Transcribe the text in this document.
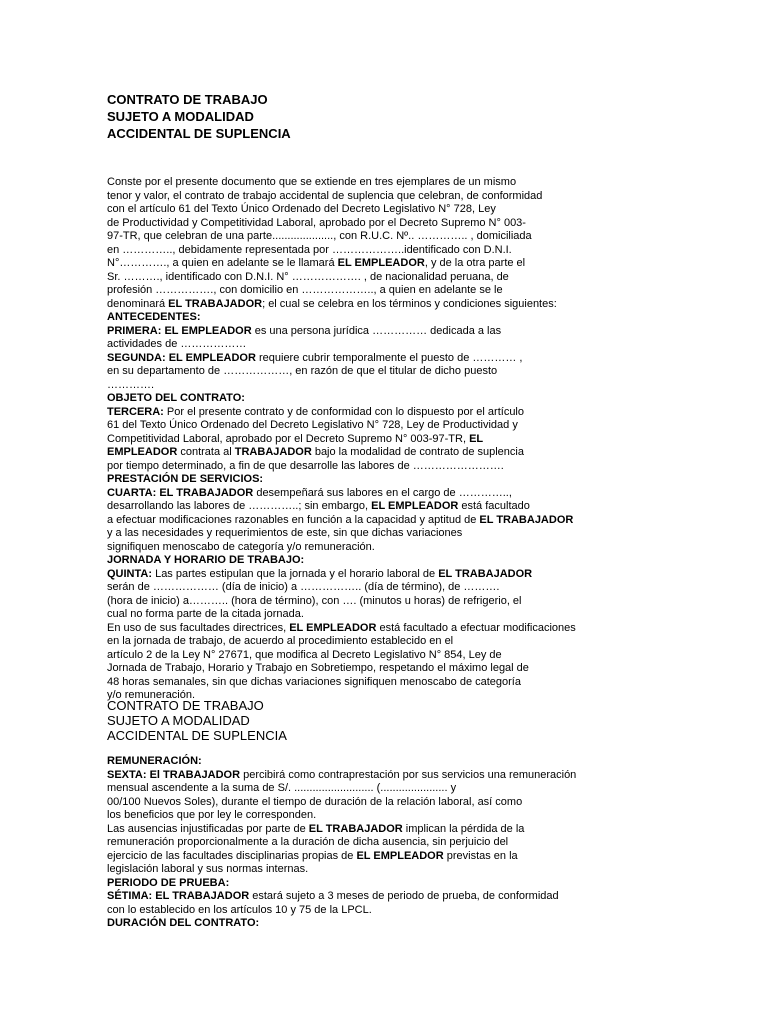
CONTRATO DE TRABAJO
SUJETO A MODALIDAD
ACCIDENTAL DE SUPLENCIA
Conste por el presente documento que se extiende en tres ejemplares de un mismo
tenor y valor, el contrato de trabajo accidental de suplencia que celebran, de conformidad
con el artículo 61 del Texto Único Ordenado del Decreto Legislativo N° 728, Ley
de Productividad y Competitividad Laboral, aprobado por el Decreto Supremo N° 003-
97-TR, que celebran de una parte...................., con R.U.C. Nº.. ………….. , domiciliada
en ………….., debidamente representada por ………………..identificado con D.N.I.
N°…………., a quien en adelante se le llamará EL EMPLEADOR, y de la otra parte el
Sr. ………., identificado con D.N.I. N° ………………. , de nacionalidad peruana, de
profesión ……………., con domicilio en ……………….., a quien en adelante se le
denominará EL TRABAJADOR; el cual se celebra en los términos y condiciones siguientes:
ANTECEDENTES:
PRIMERA: EL EMPLEADOR es una persona jurídica …………… dedicada a las
actividades de ………………
SEGUNDA: EL EMPLEADOR requiere cubrir temporalmente el puesto de ………… ,
en su departamento de ………………, en razón de que el titular de dicho puesto
………….
OBJETO DEL CONTRATO:
TERCERA: Por el presente contrato y de conformidad con lo dispuesto por el artículo
61 del Texto Único Ordenado del Decreto Legislativo N° 728, Ley de Productividad y
Competitividad Laboral, aprobado por el Decreto Supremo N° 003-97-TR, EL
EMPLEADOR contrata al TRABAJADOR bajo la modalidad de contrato de suplencia
por tiempo determinado, a fin de que desarrolle las labores de …………………….
PRESTACIÓN DE SERVICIOS:
CUARTA: EL TRABAJADOR desempeñará sus labores en el cargo de …………..,
desarrollando las labores de …………..; sin embargo, EL EMPLEADOR está facultado
a efectuar modificaciones razonables en función a la capacidad y aptitud de EL TRABAJADOR
y a las necesidades y requerimientos de este, sin que dichas variaciones
signifiquen menoscabo de categoría y/o remuneración.
JORNADA Y HORARIO DE TRABAJO:
QUINTA: Las partes estipulan que la jornada y el horario laboral de EL TRABAJADOR
serán de ……………… (día de inicio) a …………….. (día de término), de ……….
(hora de inicio) a……….. (hora de término), con …. (minutos u horas) de refrigerio, el
cual no forma parte de la citada jornada.
En uso de sus facultades directrices, EL EMPLEADOR está facultado a efectuar modificaciones
en la jornada de trabajo, de acuerdo al procedimiento establecido en el
artículo 2 de la Ley N° 27671, que modifica al Decreto Legislativo N° 854, Ley de
Jornada de Trabajo, Horario y Trabajo en Sobretiempo, respetando el máximo legal de
48 horas semanales, sin que dichas variaciones signifiquen menoscabo de categoría
y/o remuneración.
CONTRATO DE TRABAJO
SUJETO A MODALIDAD
ACCIDENTAL DE SUPLENCIA
REMUNERACIÓN:
SEXTA: El TRABAJADOR percibirá como contraprestación por sus servicios una remuneración
mensual ascendente a la suma de S/. .......................... (...................... y
00/100 Nuevos Soles), durante el tiempo de duración de la relación laboral, así como
los beneficios que por ley le corresponden.
Las ausencias injustificadas por parte de EL TRABAJADOR implican la pérdida de la
remuneración proporcionalmente a la duración de dicha ausencia, sin perjuicio del
ejercicio de las facultades disciplinarias propias de EL EMPLEADOR previstas en la
legislación laboral y sus normas internas.
PERIODO DE PRUEBA:
SÉTIMA: EL TRABAJADOR estará sujeto a 3 meses de periodo de prueba, de conformidad
con lo establecido en los artículos 10 y 75 de la LPCL.
DURACIÓN DEL CONTRATO:
